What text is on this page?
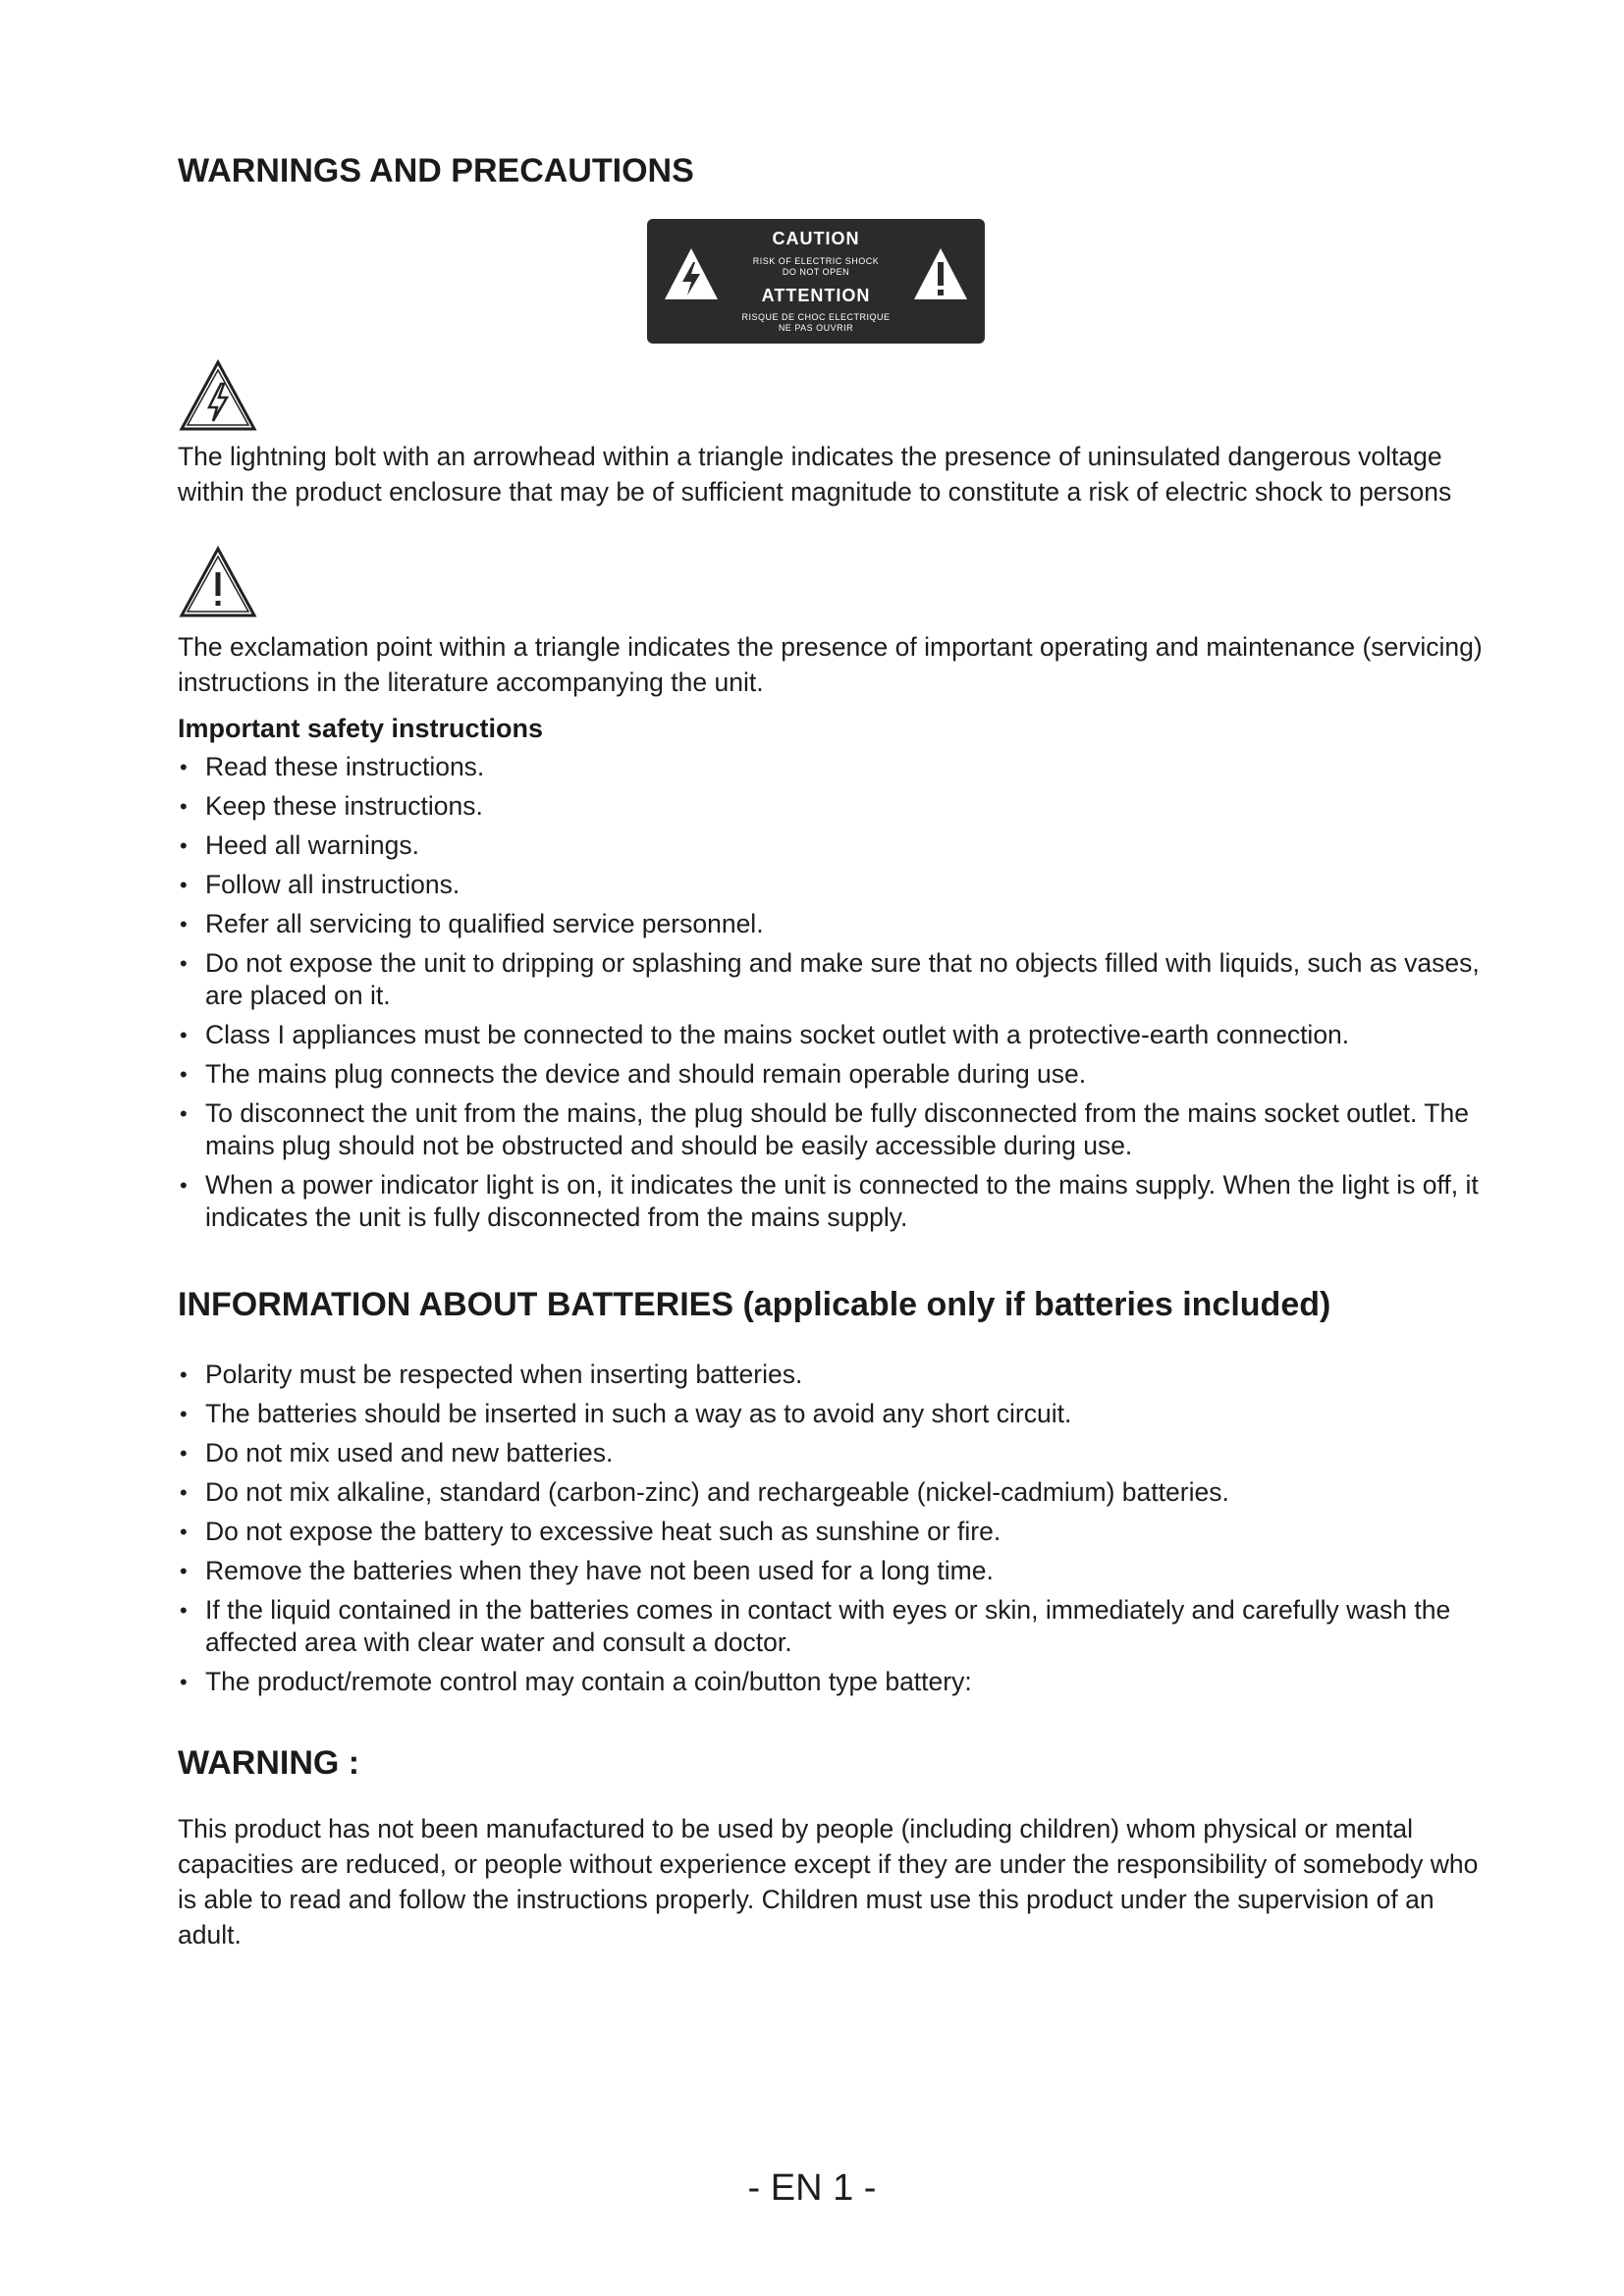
WARNINGS AND PRECAUTIONS
CAUTION
RISK OF ELECTRIC SHOCK
DO NOT OPEN
ATTENTION
RISQUE DE CHOC ELECTRIQUE
NE PAS OUVRIR

The lightning bolt with an arrowhead within a triangle indicates the presence of uninsulated dangerous voltage within the product enclosure that may be of sufficient magnitude to constitute a risk of electric shock to persons

The exclamation point within a triangle indicates the presence of important operating and maintenance (servicing) instructions in the literature accompanying the unit.

Important safety instructions
• Read these instructions.
• Keep these instructions.
• Heed all warnings.
• Follow all instructions.
• Refer all servicing to qualified service personnel.
• Do not expose the unit to dripping or splashing and make sure that no objects filled with liquids, such as vases, are placed on it.
• Class I appliances must be connected to the mains socket outlet with a protective-earth connection.
• The mains plug connects the device and should remain operable during use.
• To disconnect the unit from the mains, the plug should be fully disconnected from the mains socket outlet. The mains plug should not be obstructed and should be easily accessible during use.
• When a power indicator light is on, it indicates the unit is connected to the mains supply. When the light is off, it indicates the unit is fully disconnected from the mains supply.
INFORMATION ABOUT BATTERIES (applicable only if batteries included)
• Polarity must be respected when inserting batteries.
• The batteries should be inserted in such a way as to avoid any short circuit.
• Do not mix used and new batteries.
• Do not mix alkaline, standard (carbon-zinc) and rechargeable (nickel-cadmium) batteries.
• Do not expose the battery to excessive heat such as sunshine or fire.
• Remove the batteries when they have not been used for a long time.
• If the liquid contained in the batteries comes in contact with eyes or skin, immediately and carefully wash the affected area with clear water and consult a doctor.
• The product/remote control may contain a coin/button type battery:
WARNING :

This product has not been manufactured to be used by people (including children) whom physical or mental capacities are reduced, or people without experience except if they are under the responsibility of somebody who is able to read and follow the instructions properly. Children must use this product under the supervision of an adult.

- EN 1 -
